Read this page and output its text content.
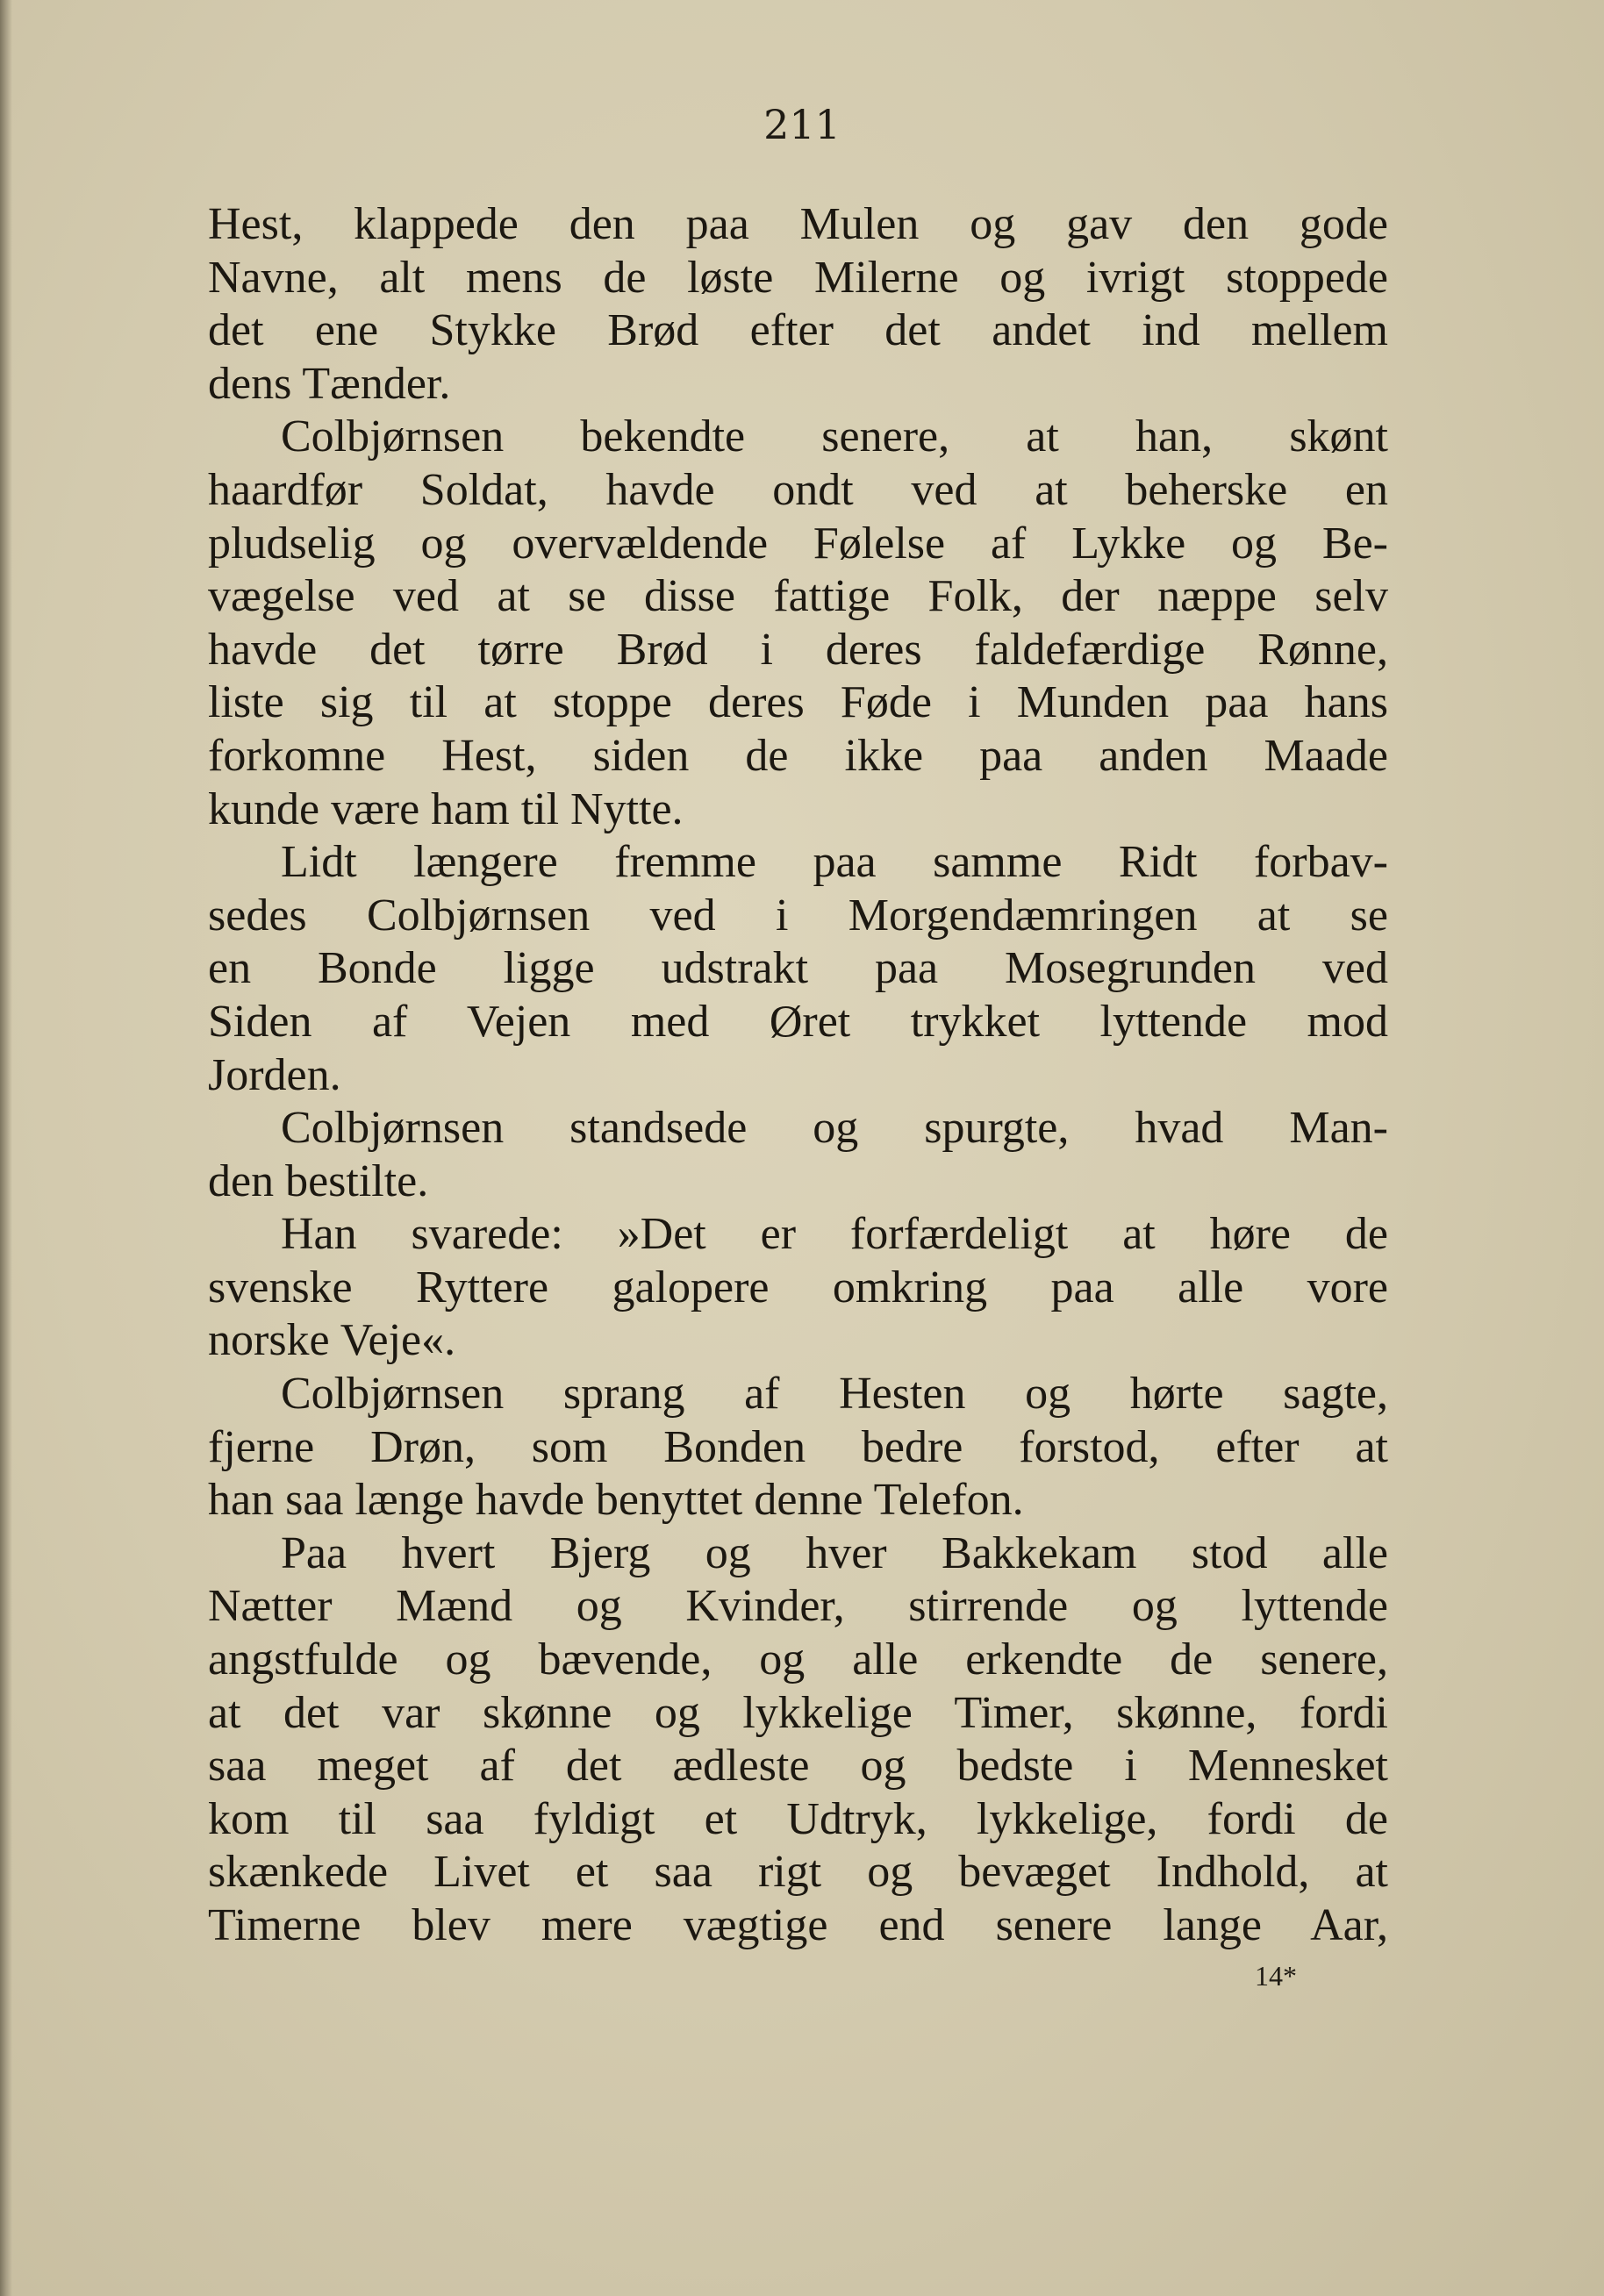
211
Hest, klappede den paa Mulen og gav den gode
Navne, alt mens de løste Milerne og ivrigt stoppede
det ene Stykke Brød efter det andet ind mellem
dens Tænder.
Colbjørnsen bekendte senere, at han, skønt
haardfør Soldat, havde ondt ved at beherske en
pludselig og overvældende Følelse af Lykke og Be-
vægelse ved at se disse fattige Folk, der næppe selv
havde det tørre Brød i deres faldefærdige Rønne,
liste sig til at stoppe deres Føde i Munden paa hans
forkomne Hest, siden de ikke paa anden Maade
kunde være ham til Nytte.
Lidt længere fremme paa samme Ridt forbav-
sedes Colbjørnsen ved i Morgendæmringen at se
en Bonde ligge udstrakt paa Mosegrunden ved
Siden af Vejen med Øret trykket lyttende mod
Jorden.
Colbjørnsen standsede og spurgte, hvad Man-
den bestilte.
Han svarede: »Det er forfærdeligt at høre de
svenske Ryttere galopere omkring paa alle vore
norske Veje«.
Colbjørnsen sprang af Hesten og hørte sagte,
fjerne Drøn, som Bonden bedre forstod, efter at
han saa længe havde benyttet denne Telefon.
Paa hvert Bjerg og hver Bakkekam stod alle
Nætter Mænd og Kvinder, stirrende og lyttende
angstfulde og bævende, og alle erkendte de senere,
at det var skønne og lykkelige Timer, skønne, fordi
saa meget af det ædleste og bedste i Mennesket
kom til saa fyldigt et Udtryk, lykkelige, fordi de
skænkede Livet et saa rigt og bevæget Indhold, at
Timerne blev mere vægtige end senere lange Aar,
14*
